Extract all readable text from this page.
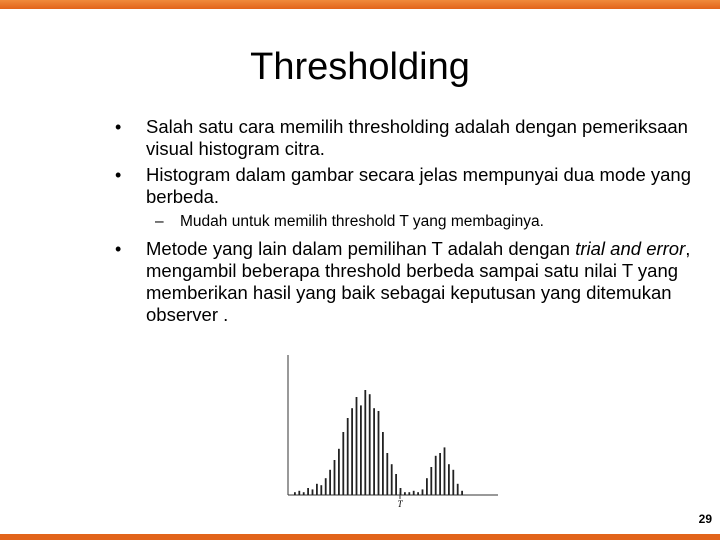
Thresholding
• Salah satu cara memilih thresholding adalah dengan pemeriksaan visual histogram citra.
• Histogram dalam gambar secara jelas mempunyai dua mode yang berbeda.
– Mudah untuk memilih threshold T yang membaginya.
• Metode yang lain dalam pemilihan T adalah dengan trial and error, mengambil beberapa threshold berbeda sampai satu nilai T yang memberikan hasil yang baik sebagai keputusan yang ditemukan observer .
T
29
